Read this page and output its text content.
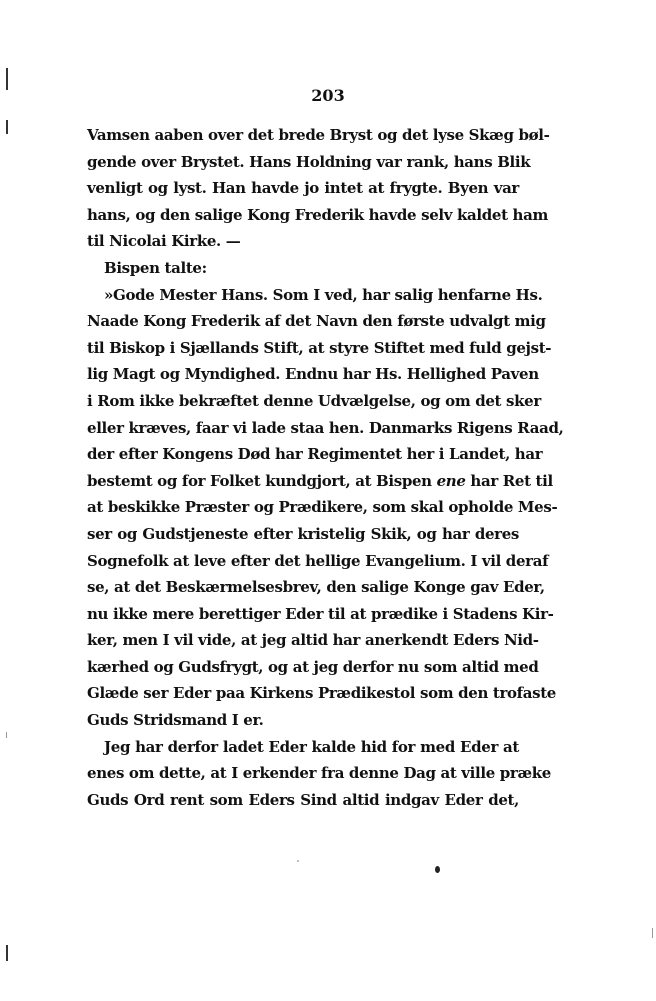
203
Vamsen aaben over det brede Bryst og det lyse Skæg bøl-
gende over Brystet. Hans Holdning var rank, hans Blik
venligt og lyst. Han havde jo intet at frygte. Byen var
hans, og den salige Kong Frederik havde selv kaldet ham
til Nicolai Kirke. —
Bispen talte:
»Gode Mester Hans. Som I ved, har salig henfarne Hs.
Naade Kong Frederik af det Navn den første udvalgt mig
til Biskop i Sjællands Stift, at styre Stiftet med fuld gejst-
lig Magt og Myndighed. Endnu har Hs. Hellighed Paven
i Rom ikke bekræftet denne Udvælgelse, og om det sker
eller kræves, faar vi lade staa hen. Danmarks Rigens Raad,
der efter Kongens Død har Regimentet her i Landet, har
bestemt og for Folket kundgjort, at Bispen ene har Ret til
at beskikke Præster og Prædikere, som skal opholde Mes-
ser og Gudstjeneste efter kristelig Skik, og har deres
Sognefolk at leve efter det hellige Evangelium. I vil deraf
se, at det Beskærmelsesbrev, den salige Konge gav Eder,
nu ikke mere berettiger Eder til at prædike i Stadens Kir-
ker, men I vil vide, at jeg altid har anerkendt Eders Nid-
kærhed og Gudsfrygt, og at jeg derfor nu som altid med
Glæde ser Eder paa Kirkens Prædikestol som den trofaste
Guds Stridsmand I er.
Jeg har derfor ladet Eder kalde hid for med Eder at
enes om dette, at I erkender fra denne Dag at ville præke
Guds Ord rent som Eders Sind altid indgav Eder det,
